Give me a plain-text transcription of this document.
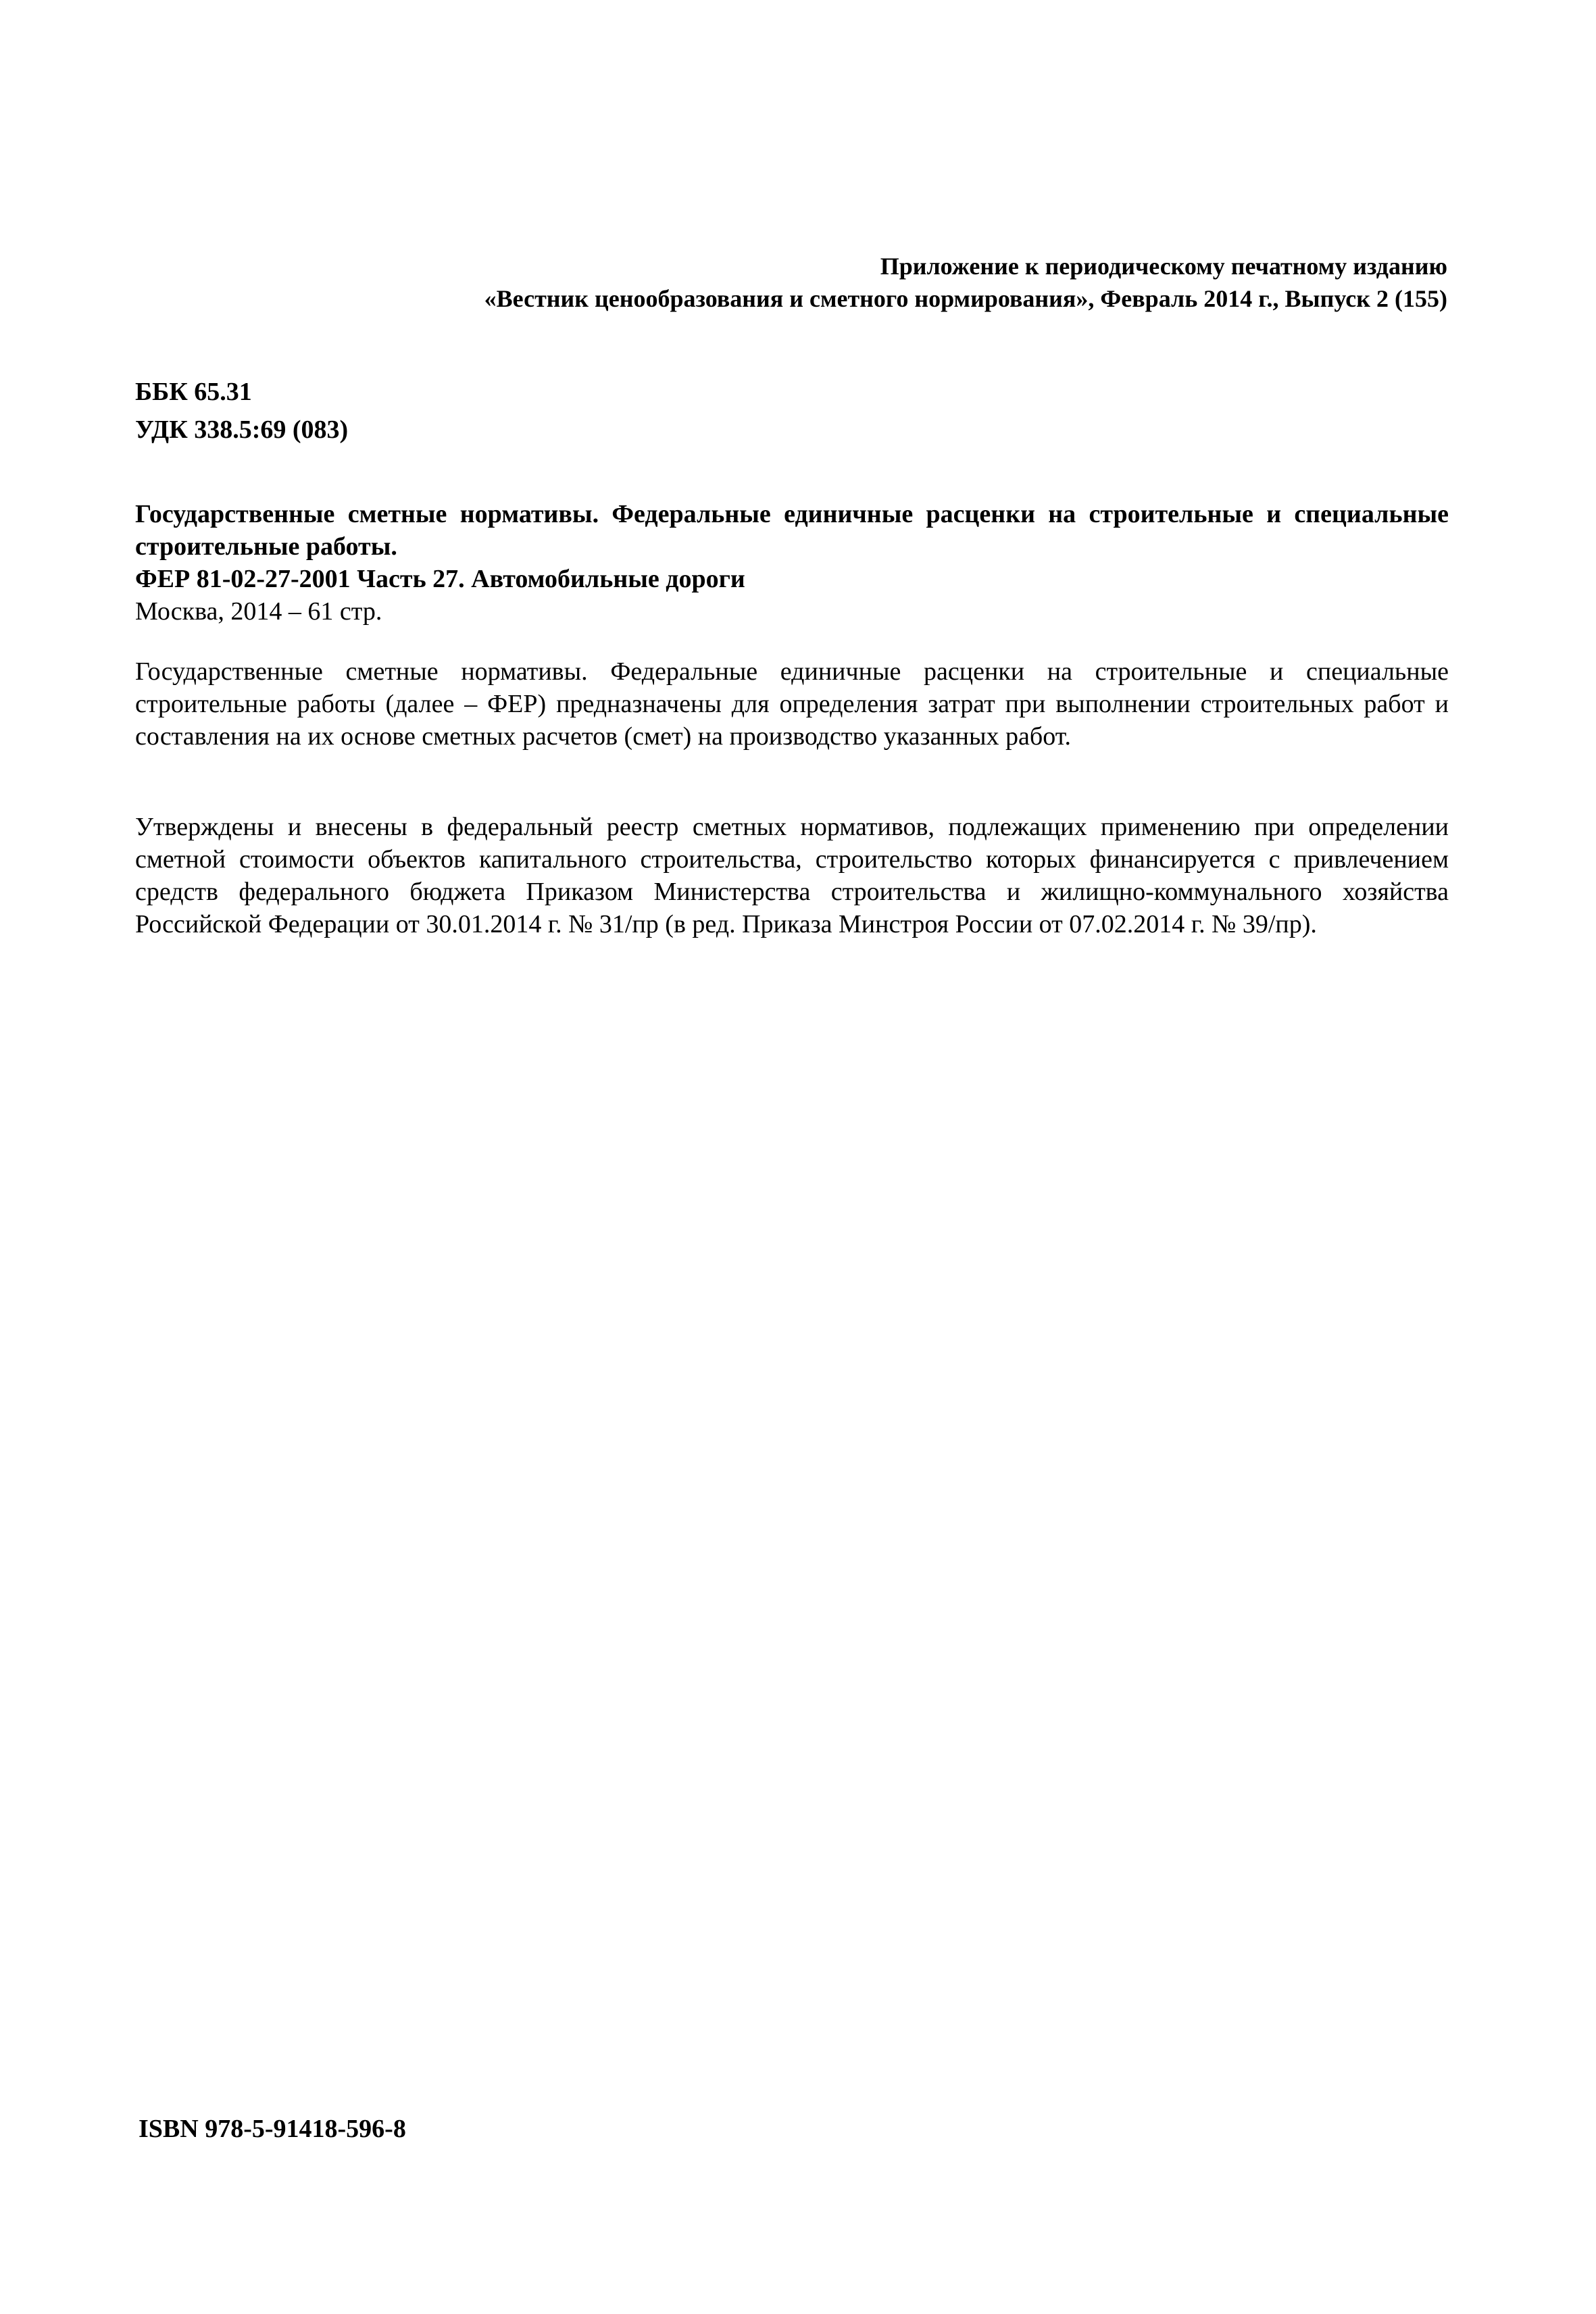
Приложение к периодическому печатному изданию
«Вестник ценообразования и сметного нормирования», Февраль 2014 г., Выпуск 2 (155)
ББК 65.31
УДК 338.5:69 (083)
Государственные сметные нормативы. Федеральные единичные расценки на строительные и специальные строительные работы.
ФЕР 81-02-27-2001 Часть 27. Автомобильные дороги
Москва, 2014 – 61 стр.
Государственные сметные нормативы. Федеральные единичные расценки на строительные и специальные строительные работы (далее – ФЕР) предназначены для определения затрат при выполнении строительных работ и составления на их основе сметных расчетов (смет) на производство указанных работ.
Утверждены и внесены в федеральный реестр сметных нормативов, подлежащих применению при определении сметной стоимости объектов капитального строительства, строительство которых финансируется с привлечением средств федерального бюджета Приказом Министерства строительства и жилищно-коммунального хозяйства Российской Федерации от 30.01.2014 г. № 31/пр (в ред. Приказа Минстроя России от 07.02.2014 г. № 39/пр).
ISBN 978-5-91418-596-8
